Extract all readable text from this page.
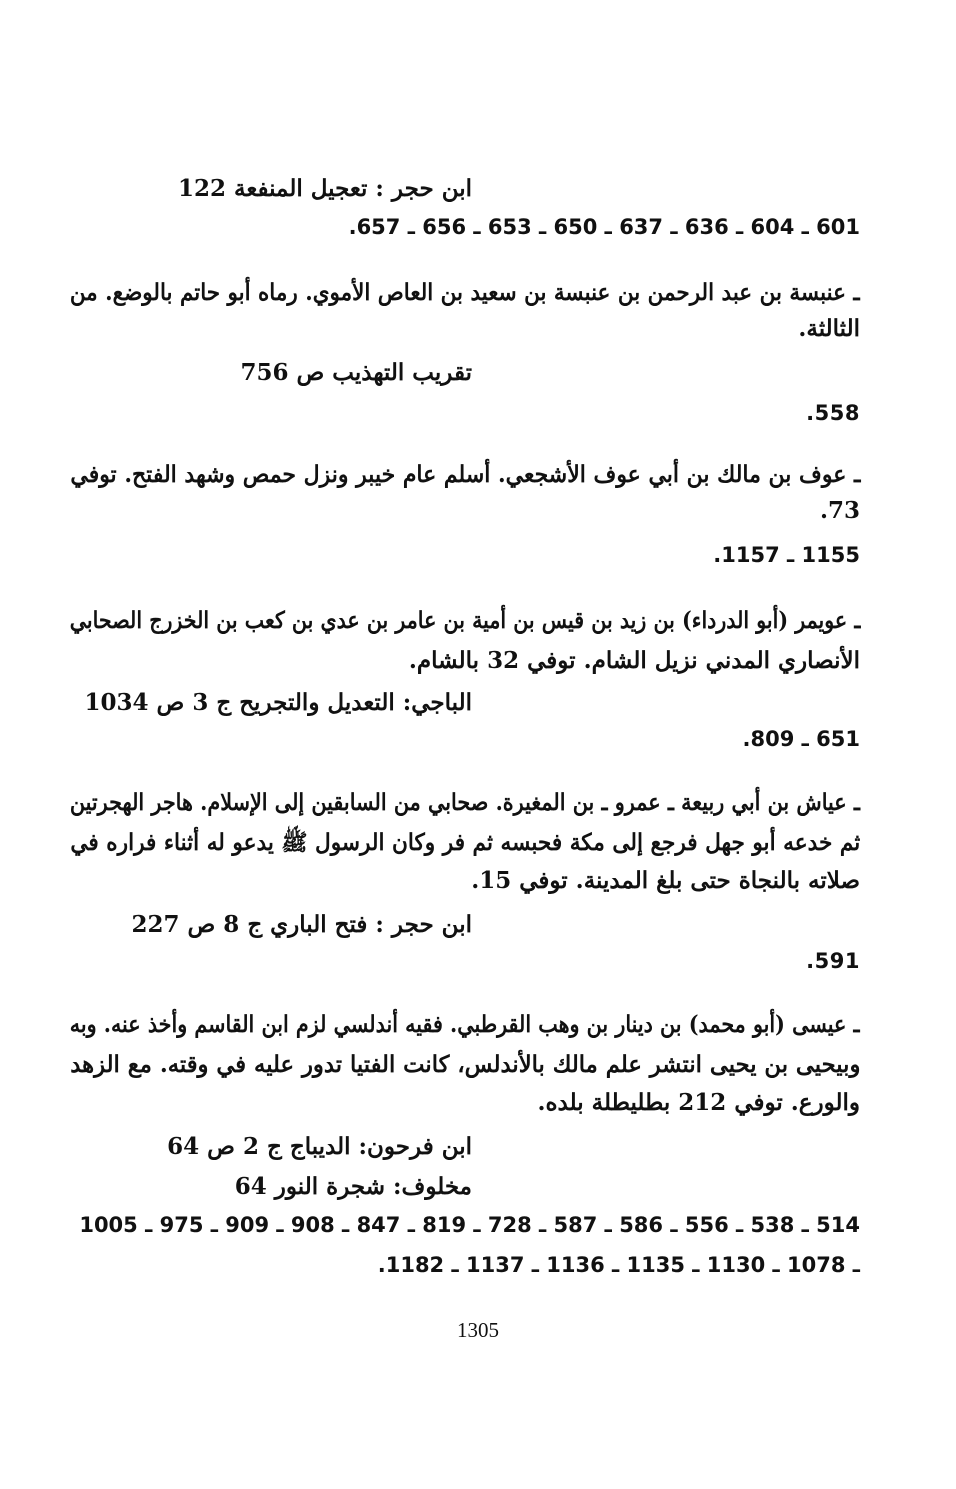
ابن حجر : تعجيل المنفعة 122
601 ـ 604 ـ 636 ـ 637 ـ 650 ـ 653 ـ 656 ـ 657.
ـ عنبسة بن عبد الرحمن بن عنبسة بن سعيد بن العاص الأموي. رماه أبو حاتم بالوضع. من
الثالثة.
تقريب التهذيب ص 756
558.
ـ عوف بن مالك بن أبي عوف الأشجعي. أسلم عام خيبر ونزل حمص وشهد الفتح. توفي
73.
1155 ـ 1157.
ـ عويمر (أبو الدرداء) بن زيد بن قيس بن أمية بن عامر بن عدي بن كعب بن الخزرج الصحابي
الأنصاري المدني نزيل الشام. توفي 32 بالشام.
الباجي: التعديل والتجريح ج 3 ص 1034
651 ـ 809.
ـ عياش بن أبي ربيعة ـ عمرو ـ بن المغيرة. صحابي من السابقين إلى الإسلام. هاجر الهجرتين
ثم خدعه أبو جهل فرجع إلى مكة فحبسه ثم فر وكان الرسول ﷺ يدعو له أثناء فراره في
صلاته بالنجاة حتى بلغ المدينة. توفي 15.
ابن حجر : فتح الباري ج 8 ص 227
591.
ـ عيسى (أبو محمد) بن دينار بن وهب القرطبي. فقيه أندلسي لزم ابن القاسم وأخذ عنه. وبه
وبيحيى بن يحيى انتشر علم مالك بالأندلس، كانت الفتيا تدور عليه في وقته. مع الزهد
والورع. توفي 212 بطليطلة بلده.
ابن فرحون: الديباج ج 2 ص 64
مخلوف: شجرة النور 64
514 ـ 538 ـ 556 ـ 586 ـ 587 ـ 728 ـ 819 ـ 847 ـ 908 ـ 909 ـ 975 ـ 1005
ـ 1078 ـ 1130 ـ 1135 ـ 1136 ـ 1137 ـ 1182.
1305
